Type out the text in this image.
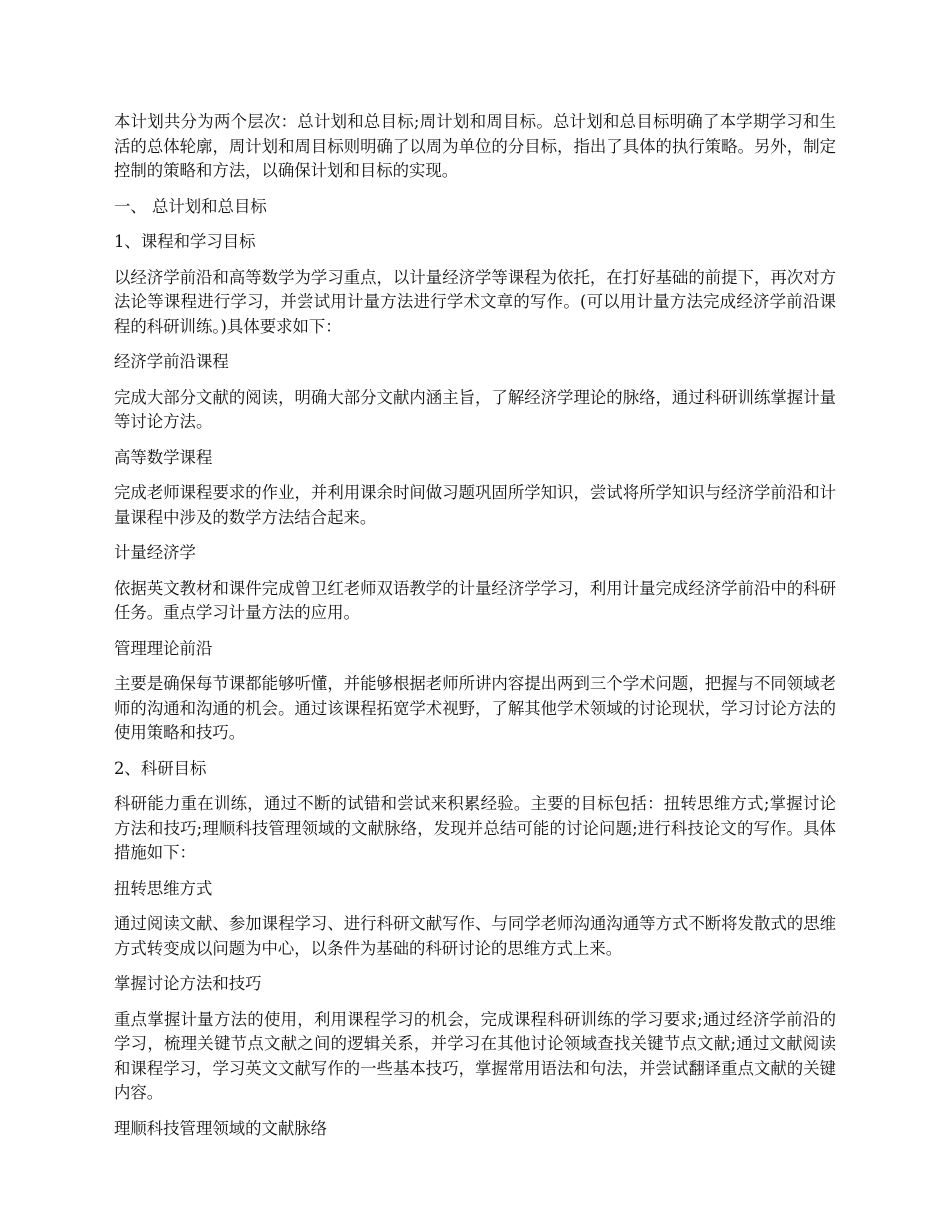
本计划共分为两个层次：总计划和总目标;周计划和周目标。总计划和总目标明确了本学期学习和生活的总体轮廓，周计划和周目标则明确了以周为单位的分目标，指出了具体的执行策略。另外，制定控制的策略和方法，以确保计划和目标的实现。

一、 总计划和总目标

1、课程和学习目标

以经济学前沿和高等数学为学习重点，以计量经济学等课程为依托，在打好基础的前提下，再次对方法论等课程进行学习，并尝试用计量方法进行学术文章的写作。(可以用计量方法完成经济学前沿课程的科研训练。)具体要求如下：

经济学前沿课程

完成大部分文献的阅读，明确大部分文献内涵主旨，了解经济学理论的脉络，通过科研训练掌握计量等讨论方法。

高等数学课程

完成老师课程要求的作业，并利用课余时间做习题巩固所学知识，尝试将所学知识与经济学前沿和计量课程中涉及的数学方法结合起来。

计量经济学

依据英文教材和课件完成曾卫红老师双语教学的计量经济学学习，利用计量完成经济学前沿中的科研任务。重点学习计量方法的应用。

管理理论前沿

主要是确保每节课都能够听懂，并能够根据老师所讲内容提出两到三个学术问题，把握与不同领域老师的沟通和沟通的机会。通过该课程拓宽学术视野，了解其他学术领域的讨论现状，学习讨论方法的使用策略和技巧。

2、科研目标

科研能力重在训练，通过不断的试错和尝试来积累经验。主要的目标包括：扭转思维方式;掌握讨论方法和技巧;理顺科技管理领域的文献脉络，发现并总结可能的讨论问题;进行科技论文的写作。具体措施如下：

扭转思维方式

通过阅读文献、参加课程学习、进行科研文献写作、与同学老师沟通沟通等方式不断将发散式的思维方式转变成以问题为中心，以条件为基础的科研讨论的思维方式上来。

掌握讨论方法和技巧

重点掌握计量方法的使用，利用课程学习的机会，完成课程科研训练的学习要求;通过经济学前沿的学习，梳理关键节点文献之间的逻辑关系，并学习在其他讨论领域查找关键节点文献;通过文献阅读和课程学习，学习英文文献写作的一些基本技巧，掌握常用语法和句法，并尝试翻译重点文献的关键内容。

理顺科技管理领域的文献脉络
